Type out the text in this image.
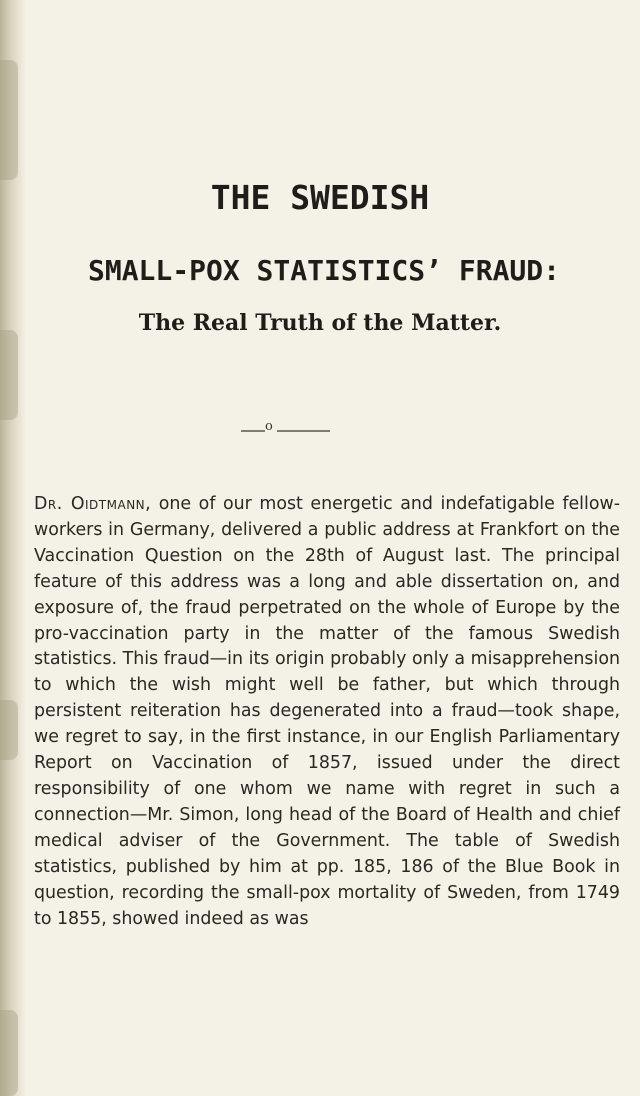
THE SWEDISH
SMALL-POX STATISTICS’ FRAUD:
The Real Truth of the Matter.
o

Dr. Oidtmann, one of our most energetic and indefatigable fellow-workers in Germany, delivered a public address at Frankfort on the Vaccination Question on the 28th of August last. The principal feature of this address was a long and able dissertation on, and exposure of, the fraud perpetrated on the whole of Europe by the pro-vaccination party in the matter of the famous Swedish statistics. This fraud—in its origin probably only a misapprehension to which the wish might well be father, but which through persistent reiteration has degenerated into a fraud—took shape, we regret to say, in the first instance, in our English Parliamentary Report on Vaccination of 1857, issued under the direct responsibility of one whom we name with regret in such a connection—Mr. Simon, long head of the Board of Health and chief medical adviser of the Government. The table of Swedish statistics, published by him at pp. 185, 186 of the Blue Book in question, recording the small-pox mortality of Sweden, from 1749 to 1855, showed indeed as was
